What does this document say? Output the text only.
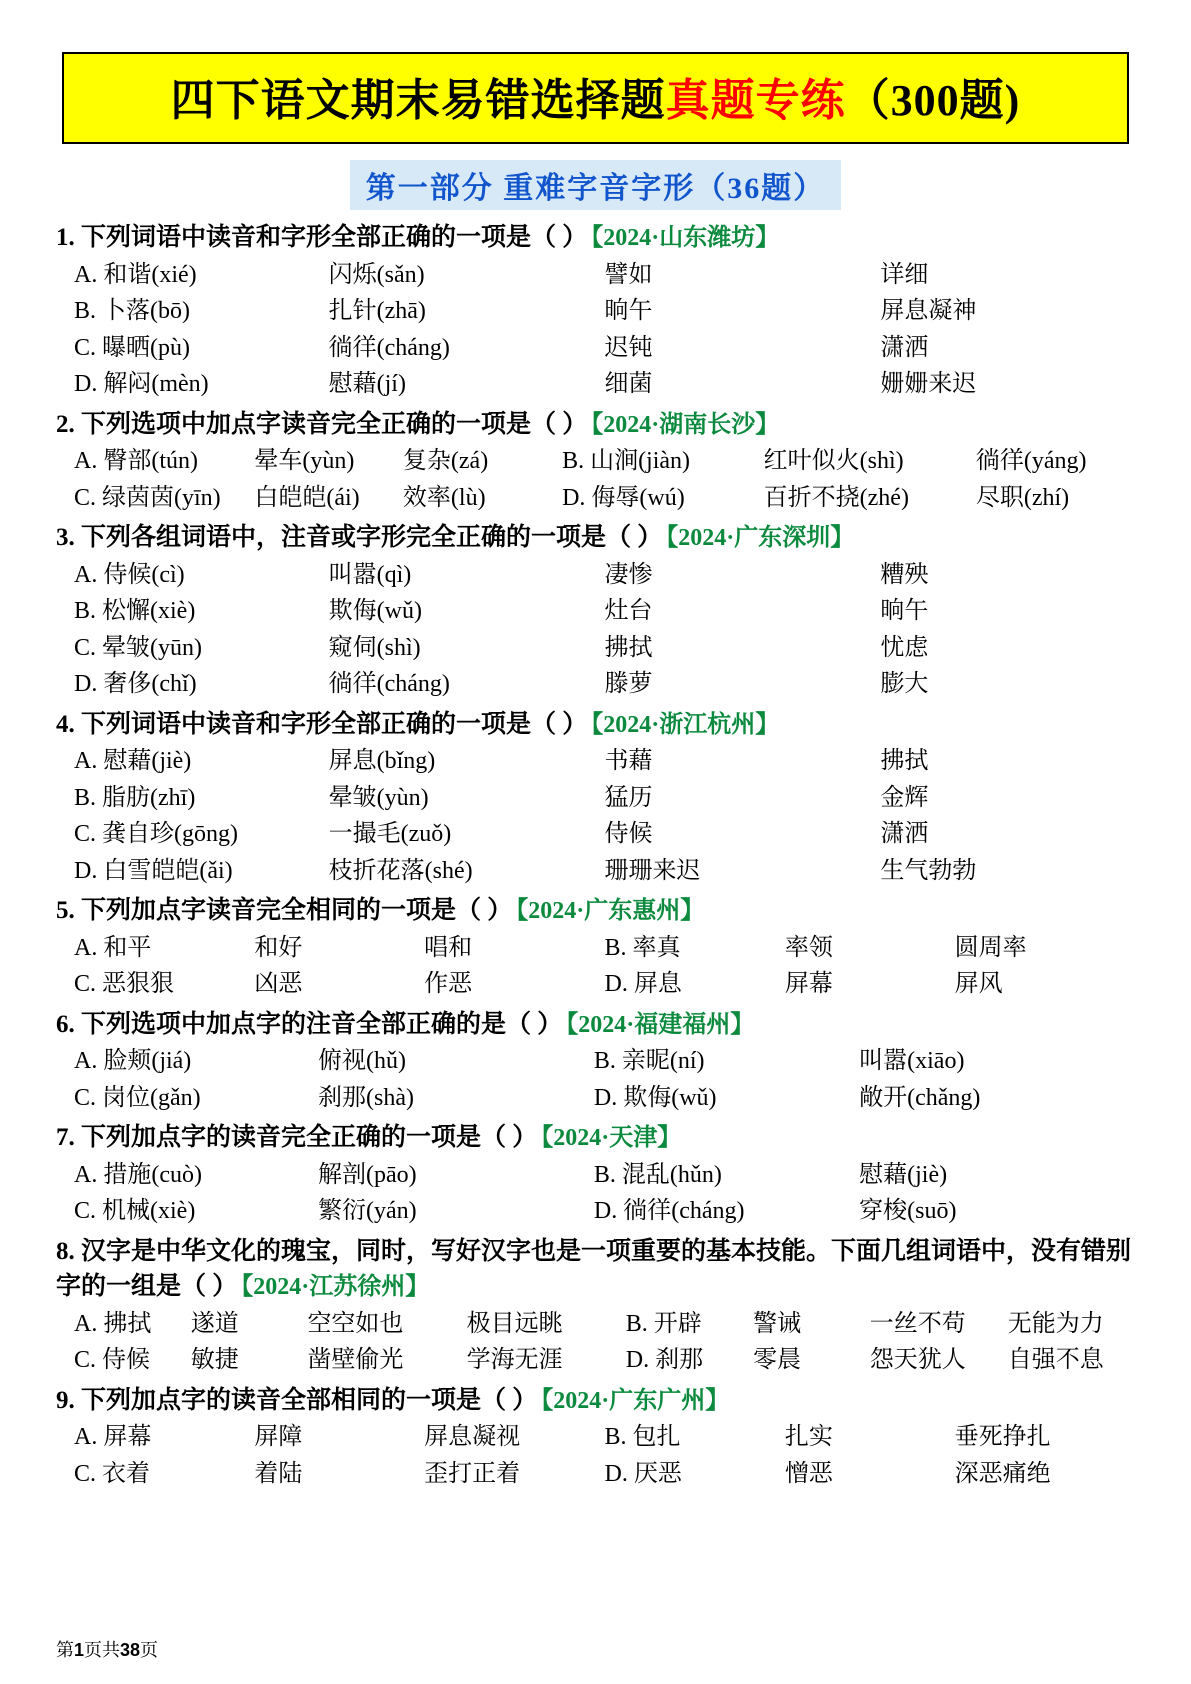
四下语文期末易错选择题真题专练（300题)
第一部分 重难字音字形（36题）
1. 下列词语中读音和字形全部正确的一项是（ ） 【2024·山东潍坊】
A. 和谐(xié)	闪烁(sǎn)	譬如	详细
B. 卜落(bō)	扎针(zhā)	晌午	屏息凝神
C. 曝晒(pù)	徜徉(cháng)	迟钝	潇洒
D. 解闷(mèn)	慰藉(jí)	细菌	姗姗来迟
2. 下列选项中加点字读音完全正确的一项是（ ） 【2024·湖南长沙】
A. 臀部(tún)	晕车(yùn)	复杂(zá)	B. 山涧(jiàn)	红叶似火(shì)	徜徉(yáng)
C. 绿茵茵(yīn)	白皑皑(ái)	效率(lù)	D. 侮辱(wú)	百折不挠(zhé)	尽职(zhí)
3. 下列各组词语中，注音或字形完全正确的一项是（ ） 【2024·广东深圳】
A. 侍候(cì)	叫嚣(qì)	凄惨	糟殃
B. 松懈(xiè)	欺侮(wǔ)	灶台	晌午
C. 晕皱(yūn)	窥伺(shì)	拂拭	忧虑
D. 奢侈(chǐ)	徜徉(cháng)	滕萝	膨大
4. 下列词语中读音和字形全部正确的一项是（ ） 【2024·浙江杭州】
A. 慰藉(jiè)	屏息(bǐng)	书藉	拂拭
B. 脂肪(zhī)	晕皱(yùn)	猛历	金辉
C. 龚自珍(gōng)	一撮毛(zuǒ)	侍候	潇洒
D. 白雪皑皑(ǎi)	枝折花落(shé)	珊珊来迟	生气勃勃
5. 下列加点字读音完全相同的一项是（ ） 【2024·广东惠州】
A. 和平	和好	唱和	B. 率真	率领	圆周率
C. 恶狠狠	凶恶	作恶	D. 屏息	屏幕	屏风
6. 下列选项中加点字的注音全部正确的是（ ） 【2024·福建福州】
A. 脸颊(jiá)	俯视(hǔ)	B. 亲昵(ní)	叫嚣(xiāo)
C. 岗位(gǎn)	刹那(shà)	D. 欺侮(wǔ)	敞开(chǎng)
7. 下列加点字的读音完全正确的一项是（ ） 【2024·天津】
A. 措施(cuò)	解剖(pāo)	B. 混乱(hǔn)	慰藉(jiè)
C. 机械(xiè)	繁衍(yán)	D. 徜徉(cháng)	穿梭(suō)
8. 汉字是中华文化的瑰宝，同时，写好汉字也是一项重要的基本技能。下面几组词语中，没有错别字的一组是（ ） 【2024·江苏徐州】
A. 拂拭	遂道	空空如也	极目远眺	B. 开辟	警诫	一丝不苟	无能为力
C. 侍候	敏捷	凿壁偷光	学海无涯	D. 刹那	零晨	怨天犹人	自强不息
9. 下列加点字的读音全部相同的一项是（ ） 【2024·广东广州】
A. 屏幕	屏障	屏息凝视	B. 包扎	扎实	垂死挣扎
C. 衣着	着陆	歪打正着	D. 厌恶	憎恶	深恶痛绝
第1页共38页
